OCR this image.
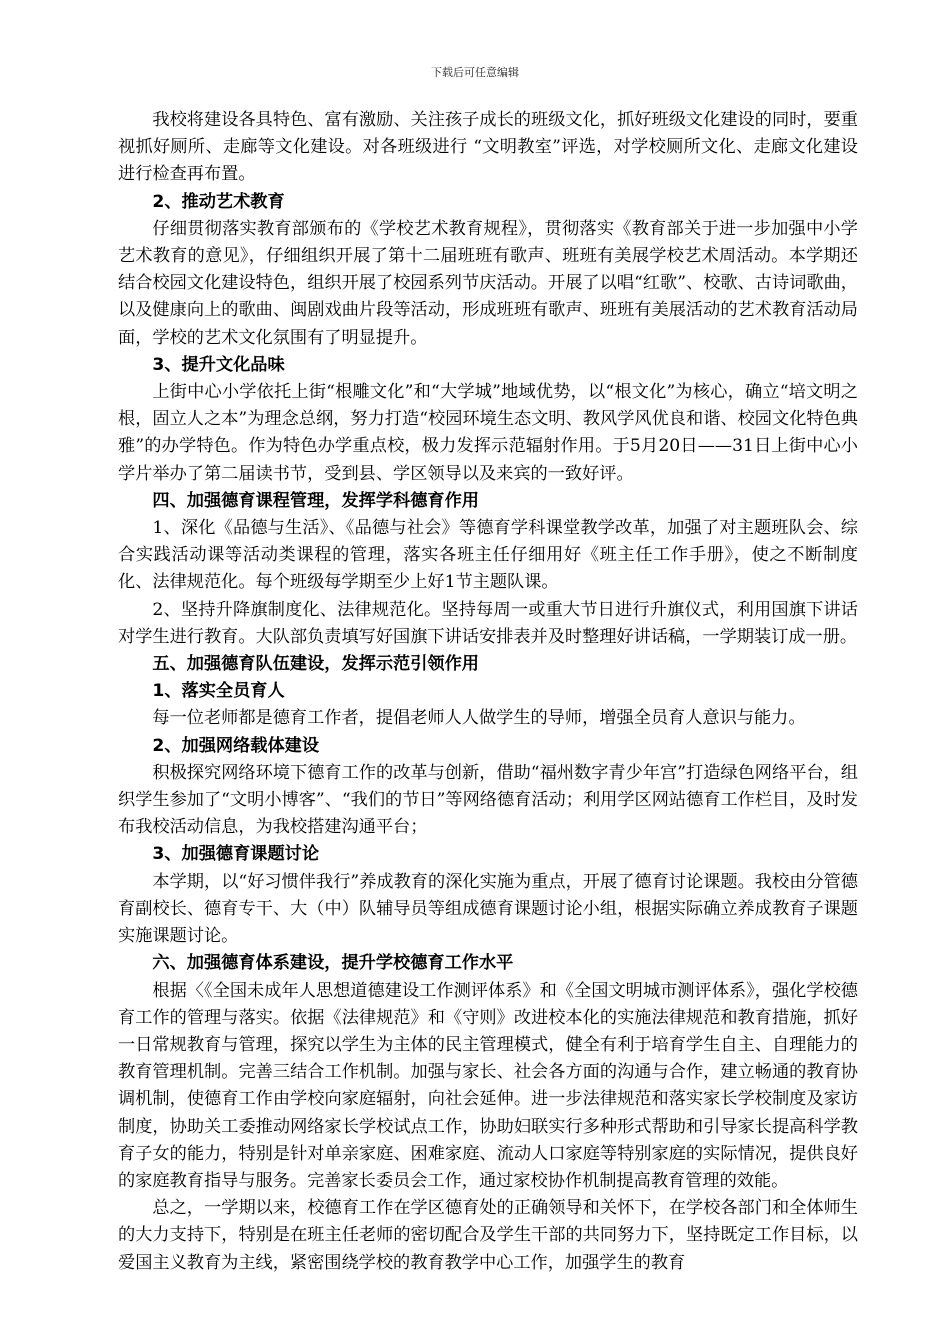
下载后可任意编辑

我校将建设各具特色、富有激励、关注孩子成长的班级文化，抓好班级文化建设的同时，要重视抓好厕所、走廊等文化建设。对各班级进行 “文明教室”评选，对学校厕所文化、走廊文化建设进行检查再布置。

2、推动艺术教育

仔细贯彻落实教育部颁布的《学校艺术教育规程》，贯彻落实《教育部关于进一步加强中小学艺术教育的意见》，仔细组织开展了第十二届班班有歌声、班班有美展学校艺术周活动。本学期还结合校园文化建设特色，组织开展了校园系列节庆活动。开展了以唱“红歌”、校歌、古诗词歌曲，以及健康向上的歌曲、闽剧戏曲片段等活动，形成班班有歌声、班班有美展活动的艺术教育活动局面，学校的艺术文化氛围有了明显提升。

3、提升文化品味

上街中心小学依托上街“根雕文化”和“大学城”地域优势，以“根文化”为核心，确立“培文明之根，固立人之本”为理念总纲，努力打造“校园环境生态文明、教风学风优良和谐、校园文化特色典雅”的办学特色。作为特色办学重点校，极力发挥示范辐射作用。于5月20日——31日上街中心小学片举办了第二届读书节，受到县、学区领导以及来宾的一致好评。

四、加强德育课程管理，发挥学科德育作用

1、深化《品德与生活》、《品德与社会》等德育学科课堂教学改革，加强了对主题班队会、综合实践活动课等活动类课程的管理，落实各班主任仔细用好《班主任工作手册》，使之不断制度化、法律规范化。每个班级每学期至少上好1节主题队课。

2、坚持升降旗制度化、法律规范化。坚持每周一或重大节日进行升旗仪式，利用国旗下讲话对学生进行教育。大队部负责填写好国旗下讲话安排表并及时整理好讲话稿，一学期装订成一册。

五、加强德育队伍建设，发挥示范引领作用

1、落实全员育人

每一位老师都是德育工作者，提倡老师人人做学生的导师，增强全员育人意识与能力。

2、加强网络载体建设

积极探究网络环境下德育工作的改革与创新，借助“福州数字青少年宫”打造绿色网络平台，组织学生参加了“文明小博客”、“我们的节日”等网络德育活动；利用学区网站德育工作栏目，及时发布我校活动信息，为我校搭建沟通平台；

3、加强德育课题讨论

本学期，以“好习惯伴我行”养成教育的深化实施为重点，开展了德育讨论课题。我校由分管德育副校长、德育专干、大（中）队辅导员等组成德育课题讨论小组，根据实际确立养成教育子课题实施课题讨论。

六、加强德育体系建设，提升学校德育工作水平

根据〈《全国未成年人思想道德建设工作测评体系》和《全国文明城市测评体系》，强化学校德育工作的管理与落实。依据《法律规范》和《守则》改进校本化的实施法律规范和教育措施，抓好一日常规教育与管理，探究以学生为主体的民主管理模式，健全有利于培育学生自主、自理能力的教育管理机制。完善三结合工作机制。加强与家长、社会各方面的沟通与合作，建立畅通的教育协调机制，使德育工作由学校向家庭辐射，向社会延伸。进一步法律规范和落实家长学校制度及家访制度，协助关工委推动网络家长学校试点工作，协助妇联实行多种形式帮助和引导家长提高科学教育子女的能力，特别是针对单亲家庭、困难家庭、流动人口家庭等特别家庭的实际情况，提供良好的家庭教育指导与服务。完善家长委员会工作，通过家校协作机制提高教育管理的效能。

总之，一学期以来，校德育工作在学区德育处的正确领导和关怀下，在学校各部门和全体师生的大力支持下，特别是在班主任老师的密切配合及学生干部的共同努力下，坚持既定工作目标，以爱国主义教育为主线，紧密围绕学校的教育教学中心工作，加强学生的教育
